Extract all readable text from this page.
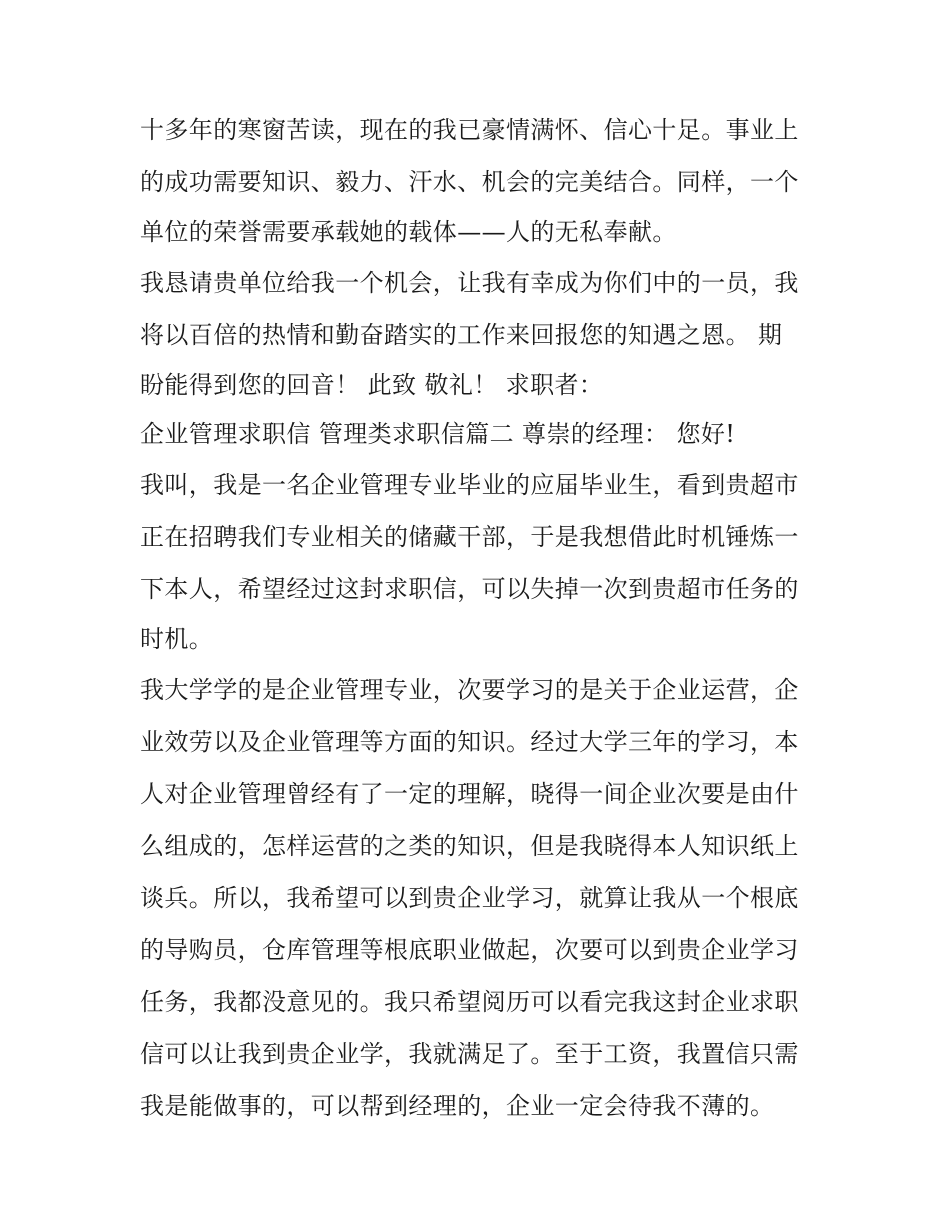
十多年的寒窗苦读，现在的我已豪情满怀、信心十足。事业上
的成功需要知识、毅力、汗水、机会的完美结合。同样，一个
单位的荣誉需要承载她的载体——人的无私奉献。
我恳请贵单位给我一个机会，让我有幸成为你们中的一员，我
将以百倍的热情和勤奋踏实的工作来回报您的知遇之恩。 期
盼能得到您的回音！ 此致 敬礼！ 求职者：
企业管理求职信 管理类求职信篇二 尊崇的经理： 您好!
我叫，我是一名企业管理专业毕业的应届毕业生，看到贵超市
正在招聘我们专业相关的储藏干部，于是我想借此时机锤炼一
下本人，希望经过这封求职信，可以失掉一次到贵超市任务的
时机。
我大学学的是企业管理专业，次要学习的是关于企业运营，企
业效劳以及企业管理等方面的知识。经过大学三年的学习，本
人对企业管理曾经有了一定的理解，晓得一间企业次要是由什
么组成的，怎样运营的之类的知识，但是我晓得本人知识纸上
谈兵。所以，我希望可以到贵企业学习，就算让我从一个根底
的导购员，仓库管理等根底职业做起，次要可以到贵企业学习
任务，我都没意见的。我只希望阅历可以看完我这封企业求职
信可以让我到贵企业学，我就满足了。至于工资，我置信只需
我是能做事的，可以帮到经理的，企业一定会待我不薄的。
